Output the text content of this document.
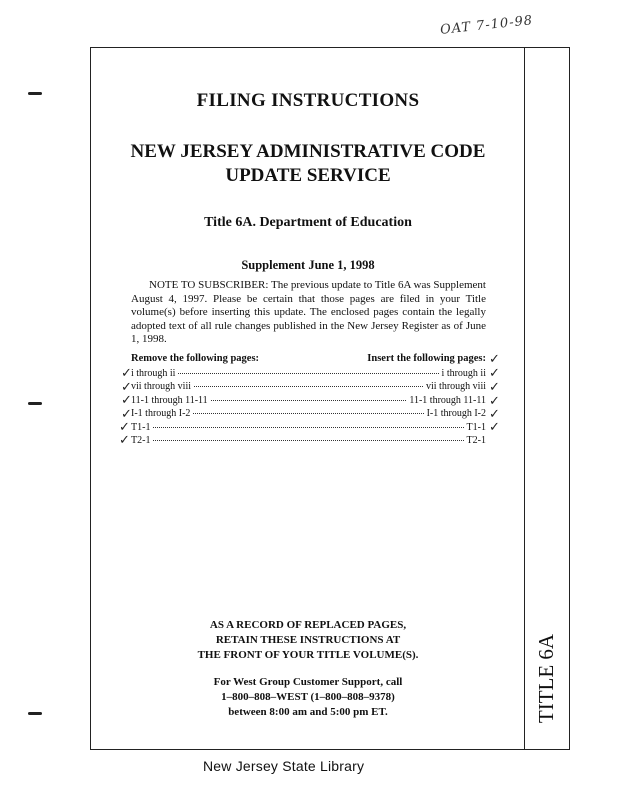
OAT 7-10-98
FILING INSTRUCTIONS
NEW JERSEY ADMINISTRATIVE CODE
UPDATE SERVICE
Title 6A. Department of Education
Supplement June 1, 1998
NOTE TO SUBSCRIBER: The previous update to Title 6A was Supplement August 4, 1997. Please be certain that those pages are filed in your Title volume(s) before inserting this update. The enclosed pages contain the legally adopted text of all rule changes published in the New Jersey Register as of June 1, 1998.
Remove the following pages:	Insert the following pages:
i through ii	i through ii
vii through viii	vii through viii
11-1 through 11-11	11-1 through 11-11
I-1 through I-2	I-1 through I-2
T1-1	T1-1
T2-1	T2-1
✓
✓
✓
✓
✓
✓
✓
✓
✓
✓
✓
✓
AS A RECORD OF REPLACED PAGES,
RETAIN THESE INSTRUCTIONS AT
THE FRONT OF YOUR TITLE VOLUME(S).
For West Group Customer Support, call
1–800–808–WEST (1–800–808–9378)
between 8:00 am and 5:00 pm ET.	TITLE 6A
New Jersey State Library
